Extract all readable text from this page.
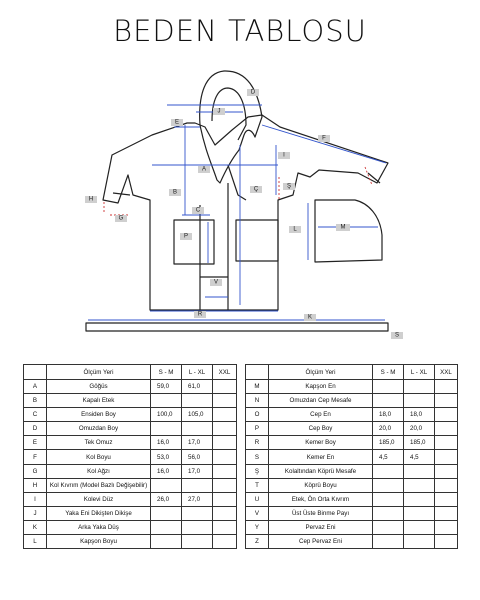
BEDEN TABLOSU
D
J
E
F
I
A
Ç	Ş
B
C
H
G
P
L	M
V
R	K
S
	Ölçüm Yeri	S - M	L - XL	XXL
A	Göğüs	59,0	61,0	
B	Kapalı Etek			
C	Ensiden Boy	100,0	105,0	
D	Omuzdan Boy			
E	Tek Omuz	16,0	17,0	
F	Kol Boyu	53,0	56,0	
G	Kol Ağzı	16,0	17,0	
H	Kol Kıvrım (Model Bazlı Değişebilir)			
I	Kolevi Düz	26,0	27,0	
J	Yaka Eni Dikişten Dikişe			
K	Arka Yaka Düş			
L	Kapşon Boyu			
	Ölçüm Yeri	S - M	L - XL	XXL
M	Kapşon En			
N	Omuzdan Cep Mesafe			
O	Cep En	18,0	18,0	
P	Cep Boy	20,0	20,0	
R	Kemer Boy	185,0	185,0	
S	Kemer En	4,5	4,5	
Ş	Kolaltından Köprü Mesafe			
T	Köprü Boyu			
U	Etek, Ön Orta Kıvrım			
V	Üst Üste Binme Payı			
Y	Pervaz Eni			
Z	Cep Pervaz Eni			
